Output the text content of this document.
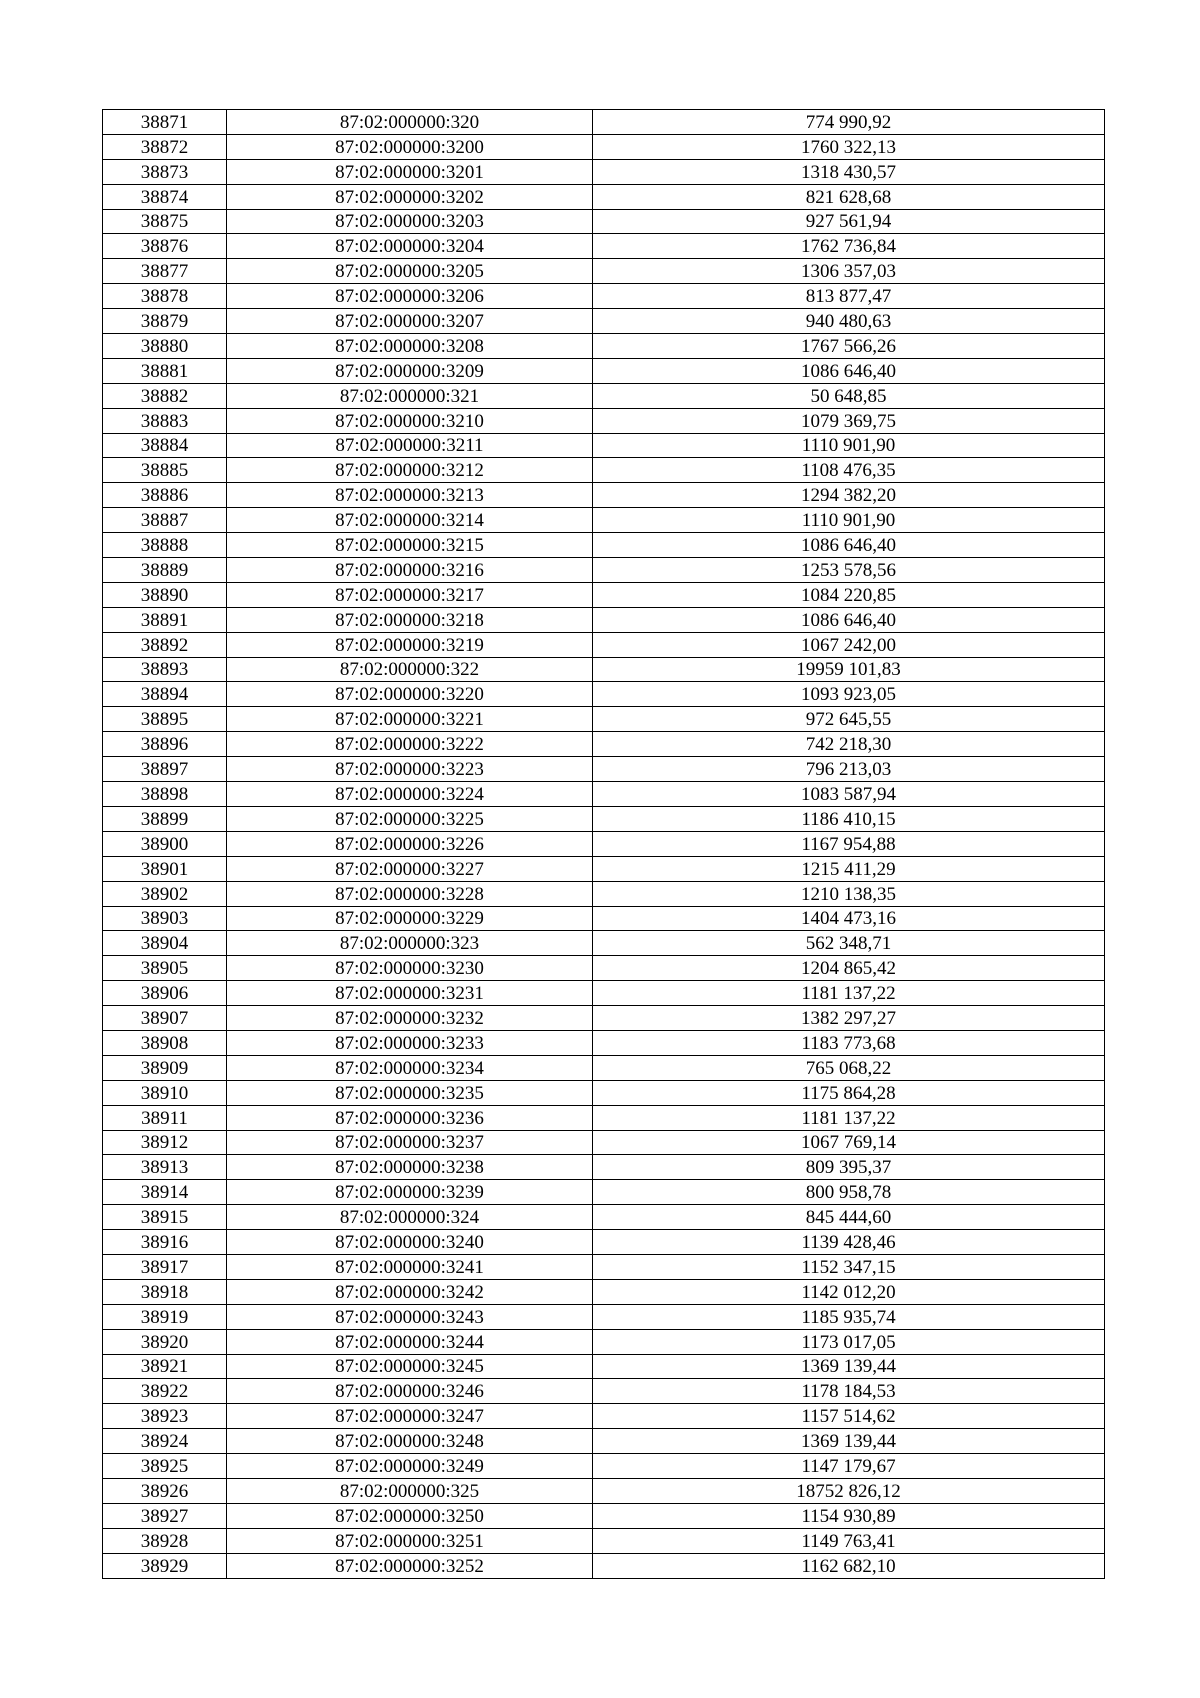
38871	87:02:000000:320	774 990,92
38872	87:02:000000:3200	1760 322,13
38873	87:02:000000:3201	1318 430,57
38874	87:02:000000:3202	821 628,68
38875	87:02:000000:3203	927 561,94
38876	87:02:000000:3204	1762 736,84
38877	87:02:000000:3205	1306 357,03
38878	87:02:000000:3206	813 877,47
38879	87:02:000000:3207	940 480,63
38880	87:02:000000:3208	1767 566,26
38881	87:02:000000:3209	1086 646,40
38882	87:02:000000:321	50 648,85
38883	87:02:000000:3210	1079 369,75
38884	87:02:000000:3211	1110 901,90
38885	87:02:000000:3212	1108 476,35
38886	87:02:000000:3213	1294 382,20
38887	87:02:000000:3214	1110 901,90
38888	87:02:000000:3215	1086 646,40
38889	87:02:000000:3216	1253 578,56
38890	87:02:000000:3217	1084 220,85
38891	87:02:000000:3218	1086 646,40
38892	87:02:000000:3219	1067 242,00
38893	87:02:000000:322	19959 101,83
38894	87:02:000000:3220	1093 923,05
38895	87:02:000000:3221	972 645,55
38896	87:02:000000:3222	742 218,30
38897	87:02:000000:3223	796 213,03
38898	87:02:000000:3224	1083 587,94
38899	87:02:000000:3225	1186 410,15
38900	87:02:000000:3226	1167 954,88
38901	87:02:000000:3227	1215 411,29
38902	87:02:000000:3228	1210 138,35
38903	87:02:000000:3229	1404 473,16
38904	87:02:000000:323	562 348,71
38905	87:02:000000:3230	1204 865,42
38906	87:02:000000:3231	1181 137,22
38907	87:02:000000:3232	1382 297,27
38908	87:02:000000:3233	1183 773,68
38909	87:02:000000:3234	765 068,22
38910	87:02:000000:3235	1175 864,28
38911	87:02:000000:3236	1181 137,22
38912	87:02:000000:3237	1067 769,14
38913	87:02:000000:3238	809 395,37
38914	87:02:000000:3239	800 958,78
38915	87:02:000000:324	845 444,60
38916	87:02:000000:3240	1139 428,46
38917	87:02:000000:3241	1152 347,15
38918	87:02:000000:3242	1142 012,20
38919	87:02:000000:3243	1185 935,74
38920	87:02:000000:3244	1173 017,05
38921	87:02:000000:3245	1369 139,44
38922	87:02:000000:3246	1178 184,53
38923	87:02:000000:3247	1157 514,62
38924	87:02:000000:3248	1369 139,44
38925	87:02:000000:3249	1147 179,67
38926	87:02:000000:325	18752 826,12
38927	87:02:000000:3250	1154 930,89
38928	87:02:000000:3251	1149 763,41
38929	87:02:000000:3252	1162 682,10
